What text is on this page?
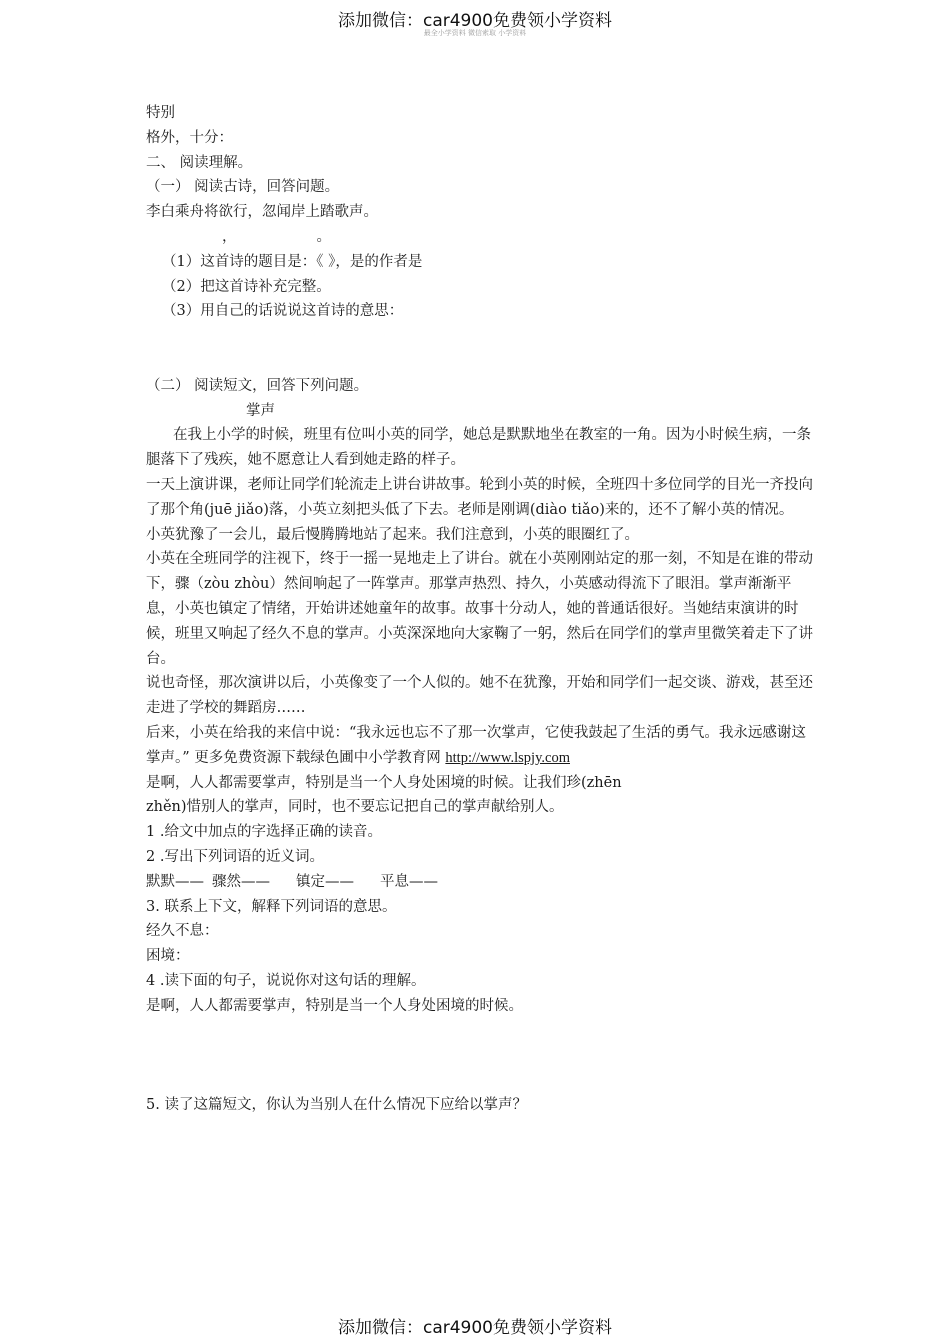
添加微信：car4900免费领小学资料
最全小学资料 微信索取 小学资料
特别
格外，十分：
二、 阅读理解。
（一） 阅读古诗，回答问题。
李白乘舟将欲行，忽闻岸上踏歌声。
，	。
（1）这首诗的题目是：《 》，是的作者是
（2）把这首诗补充完整。
（3）用自己的话说说这首诗的意思：
（二） 阅读短文，回答下列问题。
掌声
在我上小学的时候，班里有位叫小英的同学，她总是默默地坐在教室的一角。因为小时候生病，一条腿落下了残疾，她不愿意让人看到她走路的样子。
一天上演讲课，老师让同学们轮流走上讲台讲故事。轮到小英的时候，全班四十多位同学的目光一齐投向了那个角(juē jiǎo)落，小英立刻把头低了下去。老师是刚调(diào tiǎo)来的，还不了解小英的情况。
小英犹豫了一会儿，最后慢腾腾地站了起来。我们注意到，小英的眼圈红了。
小英在全班同学的注视下，终于一摇一晃地走上了讲台。就在小英刚刚站定的那一刻，不知是在谁的带动下，骤（zòu zhòu）然间响起了一阵掌声。那掌声热烈、持久，小英感动得流下了眼泪。掌声渐渐平息，小英也镇定了情绪，开始讲述她童年的故事。故事十分动人，她的普通话很好。当她结束演讲的时候，班里又响起了经久不息的掌声。小英深深地向大家鞠了一躬，然后在同学们的掌声里微笑着走下了讲台。
说也奇怪，那次演讲以后，小英像变了一个人似的。她不在犹豫，开始和同学们一起交谈、游戏，甚至还走进了学校的舞蹈房……
后来，小英在给我的来信中说：“我永远也忘不了那一次掌声，它使我鼓起了生活的勇气。我永远感谢这掌声。” 更多免费资源下载绿色圃中小学教育网 http://www.lspjy.com
是啊，人人都需要掌声，特别是当一个人身处困境的时候。让我们珍(zhēn
zhěn)惜别人的掌声，同时，也不要忘记把自己的掌声献给别人。
1 .给文中加点的字选择正确的读音。
2 .写出下列词语的近义词。
默默—— 骤然—— 镇定—— 平息——
3. 联系上下文，解释下列词语的意思。
经久不息：
困境：
4 .读下面的句子，说说你对这句话的理解。
是啊，人人都需要掌声，特别是当一个人身处困境的时候。
5. 读了这篇短文，你认为当别人在什么情况下应给以掌声？
添加微信：car4900免费领小学资料
